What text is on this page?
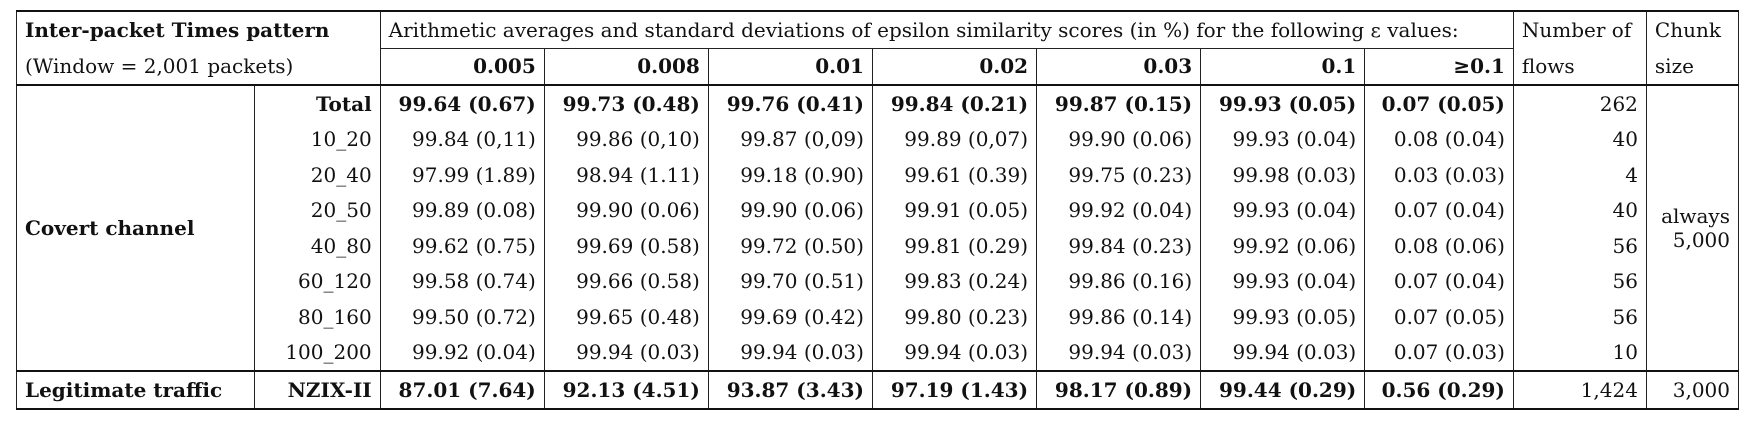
Inter-packet Times pattern		Arithmetic averages and standard deviations of epsilon similarity scores (in %) for the following ε values:							Number of	Chunk
(Window = 2,001 packets)		0.005	0.008	0.01	0.02	0.03	0.1	≥0.1	flows	size
Covert channel	Total	99.64 (0.67)	99.73 (0.48)	99.76 (0.41)	99.84 (0.21)	99.87 (0.15)	99.93 (0.05)	0.07 (0.05)	262	always
5,000

	10_20	99.84 (0,11)	99.86 (0,10)	99.87 (0,09)	99.89 (0,07)	99.90 (0.06)	99.93 (0.04)	0.08 (0.04)	40	
	20_40	97.99 (1.89)	98.94 (1.11)	99.18 (0.90)	99.61 (0.39)	99.75 (0.23)	99.98 (0.03)	0.03 (0.03)	4	
	20_50	99.89 (0.08)	99.90 (0.06)	99.90 (0.06)	99.91 (0.05)	99.92 (0.04)	99.93 (0.04)	0.07 (0.04)	40	
	40_80	99.62 (0.75)	99.69 (0.58)	99.72 (0.50)	99.81 (0.29)	99.84 (0.23)	99.92 (0.06)	0.08 (0.06)	56	
	60_120	99.58 (0.74)	99.66 (0.58)	99.70 (0.51)	99.83 (0.24)	99.86 (0.16)	99.93 (0.04)	0.07 (0.04)	56	
	80_160	99.50 (0.72)	99.65 (0.48)	99.69 (0.42)	99.80 (0.23)	99.86 (0.14)	99.93 (0.05)	0.07 (0.05)	56	
	100_200	99.92 (0.04)	99.94 (0.03)	99.94 (0.03)	99.94 (0.03)	99.94 (0.03)	99.94 (0.03)	0.07 (0.03)	10	
Legitimate traffic	NZIX-II	87.01 (7.64)	92.13 (4.51)	93.87 (3.43)	97.19 (1.43)	98.17 (0.89)	99.44 (0.29)	0.56 (0.29)	1,424	3,000
